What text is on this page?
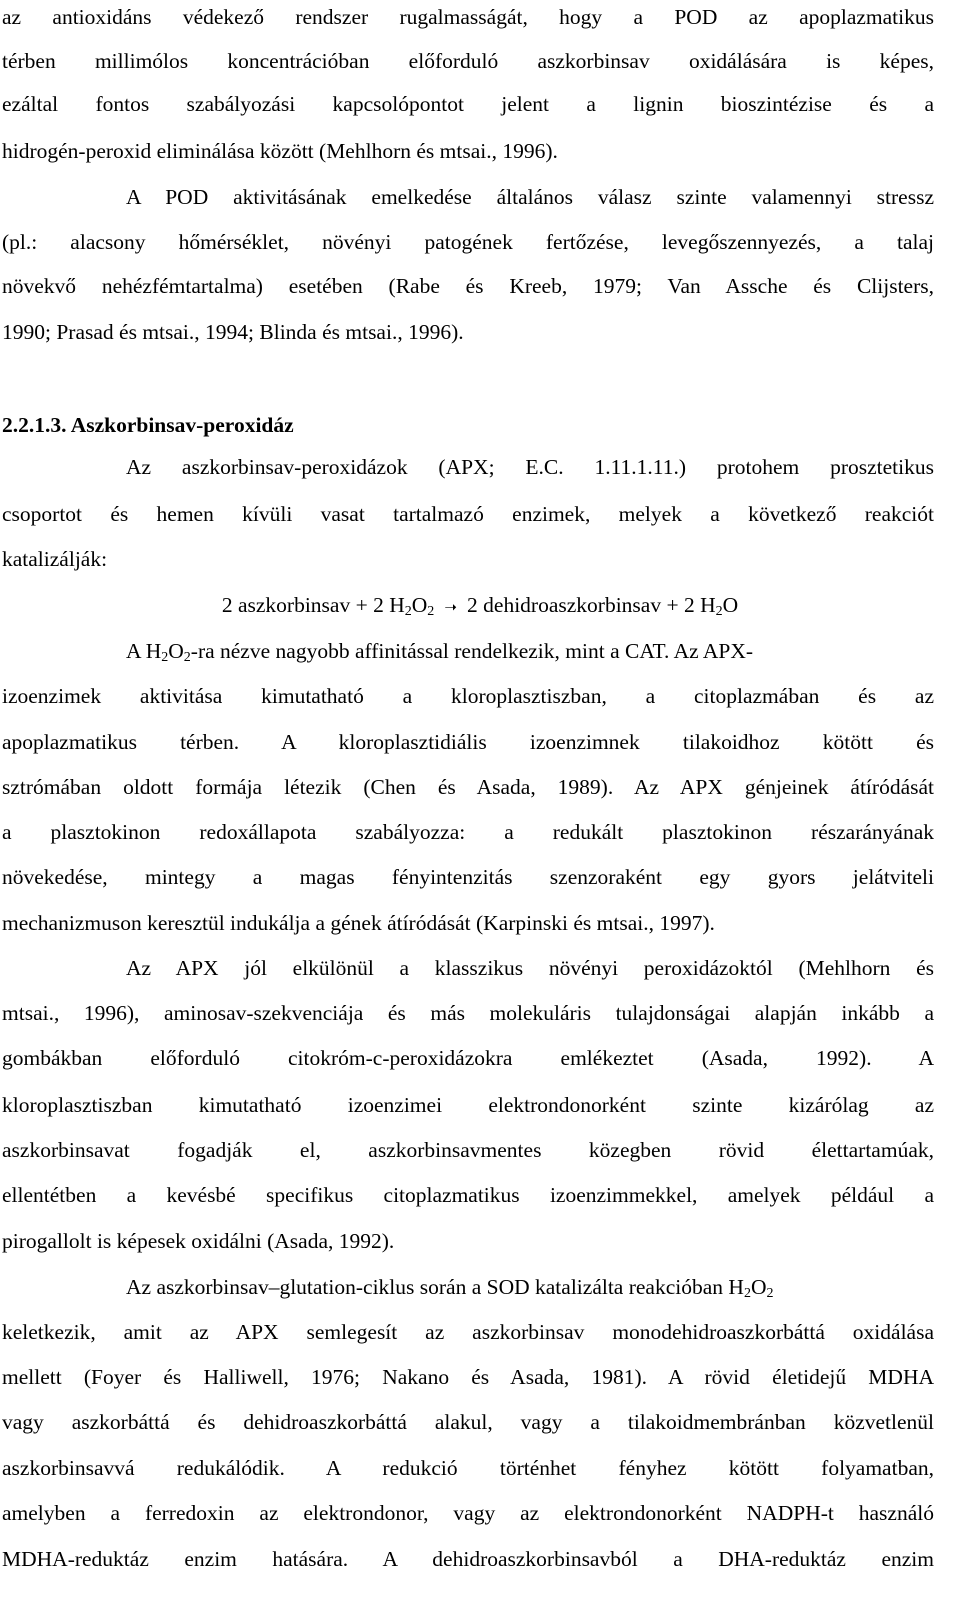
az antioxidáns védekező rendszer rugalmasságát, hogy a POD az apoplazmatikus
térben millimólos koncentrációban előforduló aszkorbinsav oxidálására is képes,
ezáltal fontos szabályozási kapcsolópontot jelent a lignin bioszintézise és a
hidrogén-peroxid eliminálása között (Mehlhorn és mtsai., 1996).
A POD aktivitásának emelkedése általános válasz szinte valamennyi stressz
(pl.: alacsony hőmérséklet, növényi patogének fertőzése, levegőszennyezés, a talaj
növekvő nehézfémtartalma) esetében (Rabe és Kreeb, 1979; Van Assche és Clijsters,
1990; Prasad és mtsai., 1994; Blinda és mtsai., 1996).
2.2.1.3. Aszkorbinsav-peroxidáz
Az aszkorbinsav-peroxidázok (APX; E.C. 1.11.1.11.) protohem prosztetikus
csoportot és hemen kívüli vasat tartalmazó enzimek, melyek a következő reakciót
katalizálják:
2 aszkorbinsav + 2 $H_2O_2$ ➝ 2 dehidroaszkorbinsav + 2 $H_2O$
A $H_2O_2-ra$ nézve nagyobb affinitással rendelkezik, mint a CAT. Az APX-
izoenzimek aktivitása kimutatható a kloroplasztiszban, a citoplazmában és az
apoplazmatikus térben. A kloroplasztidiális izoenzimnek tilakoidhoz kötött és
sztrómában oldott formája létezik (Chen és Asada, 1989). Az APX génjeinek átíródását
a plasztokinon redoxállapota szabályozza: a redukált plasztokinon részarányának
növekedése, mintegy a magas fényintenzitás szenzoraként egy gyors jelátviteli
mechanizmuson keresztül indukálja a gének átíródását (Karpinski és mtsai., 1997).
Az APX jól elkülönül a klasszikus növényi peroxidázoktól (Mehlhorn és
mtsai., 1996), aminosav-szekvenciája és más molekuláris tulajdonságai alapján inkább a
gombákban előforduló citokróm-c-peroxidázokra emlékeztet (Asada, 1992). A
kloroplasztiszban kimutatható izoenzimei elektrondonorként szinte kizárólag az
aszkorbinsavat fogadják el, aszkorbinsavmentes közegben rövid élettartamúak,
ellentétben a kevésbé specifikus citoplazmatikus izoenzimmekkel, amelyek például a
pirogallolt is képesek oxidálni (Asada, 1992).
Az aszkorbinsav–glutation-ciklus során a SOD katalizálta reakcióban $H_2O_2$
keletkezik, amit az APX semlegesít az aszkorbinsav monodehidroaszkorbáttá oxidálása
mellett (Foyer és Halliwell, 1976; Nakano és Asada, 1981). A rövid életidejű MDHA
vagy aszkorbáttá és dehidroaszkorbáttá alakul, vagy a tilakoidmembránban közvetlenül
aszkorbinsavvá redukálódik. A redukció történhet fényhez kötött folyamatban,
amelyben a ferredoxin az elektrondonor, vagy az elektrondonorként NADPH-t használó
MDHA-reduktáz enzim hatására. A dehidroaszkorbinsavból a DHA-reduktáz enzim
